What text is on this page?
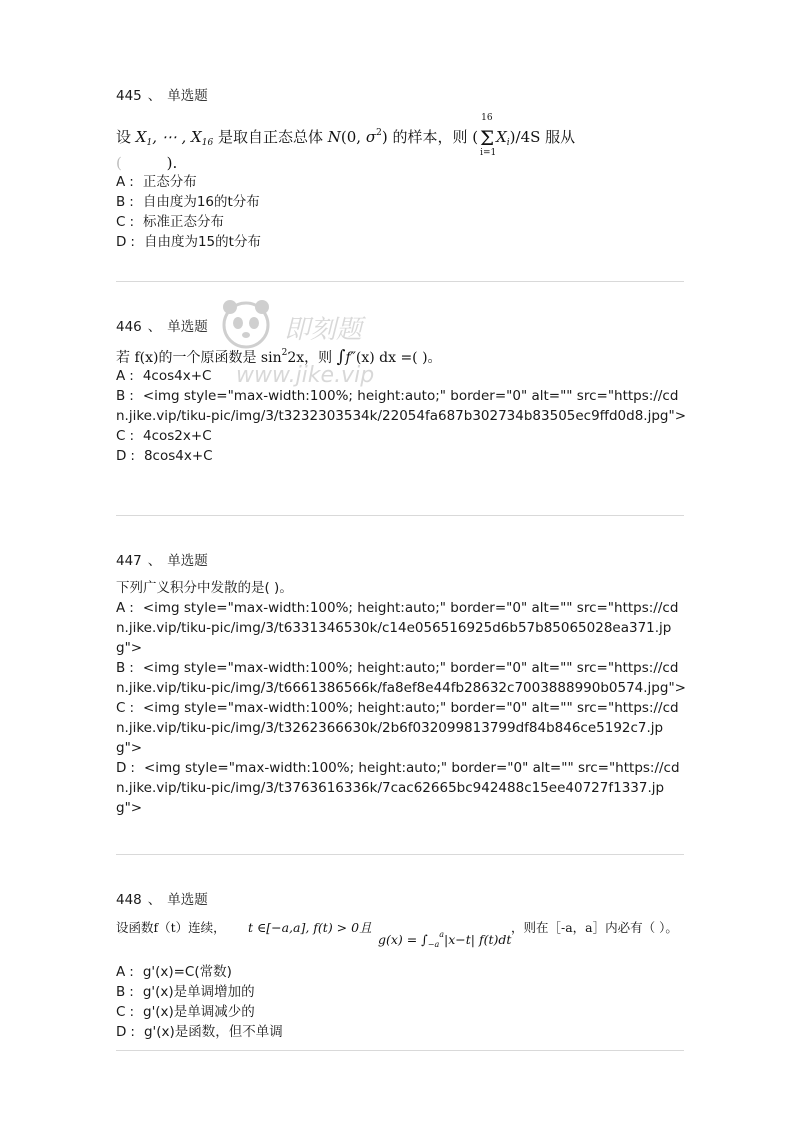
即刻题
www.jike.vip
445 、 单选题
设 $X_1$, ⋯ , $X_{16}$ 是取自正态总体 N(0, $\sigma^2$) 的样本，则 (
16
Σ
i=1
$X_i)/4S$ 服从
(	).
A : 正态分布
B : 自由度为16的t分布
C : 标准正态分布
D : 自由度为15的t分布
446 、 单选题
若 f(x)的一个原函数是 $\sin^22x$，则 ∫f″(x) dx =( )。
A : 4cos4x+C
B : <img style="max-width:100%; height:auto;" border="0" alt="" src="https://cdn.jike.vip/tiku-pic/img/3/t3232303534k/22054fa687b302734b83505ec9ffd0d8.jpg">
C : 4cos2x+C
D : 8cos4x+C
447 、 单选题
下列广义积分中发散的是( )。
A : <img style="max-width:100%; height:auto;" border="0" alt="" src="https://cdn.jike.vip/tiku-pic/img/3/t6331346530k/c14e056516925d6b57b85065028ea371.jpg">
B : <img style="max-width:100%; height:auto;" border="0" alt="" src="https://cdn.jike.vip/tiku-pic/img/3/t6661386566k/fa8ef8e44fb28632c7003888990b0574.jpg">
C : <img style="max-width:100%; height:auto;" border="0" alt="" src="https://cdn.jike.vip/tiku-pic/img/3/t3262366630k/2b6f032099813799df84b846ce5192c7.jpg">
D : <img style="max-width:100%; height:auto;" border="0" alt="" src="https://cdn.jike.vip/tiku-pic/img/3/t3763616336k/7cac62665bc942488c15ee40727f1337.jpg">
448 、 单选题
设函数f（t）连续， t ∈[−a,a], f(t) > 0且
$g(x) = \int_{-a}^a|x-t|$ f(t)dt
，则在［-a，a］内必有（ ）。
A : g'(x)=C(常数)
B : g'(x)是单调增加的
C : g'(x)是单调减少的
D : g'(x)是函数，但不单调
